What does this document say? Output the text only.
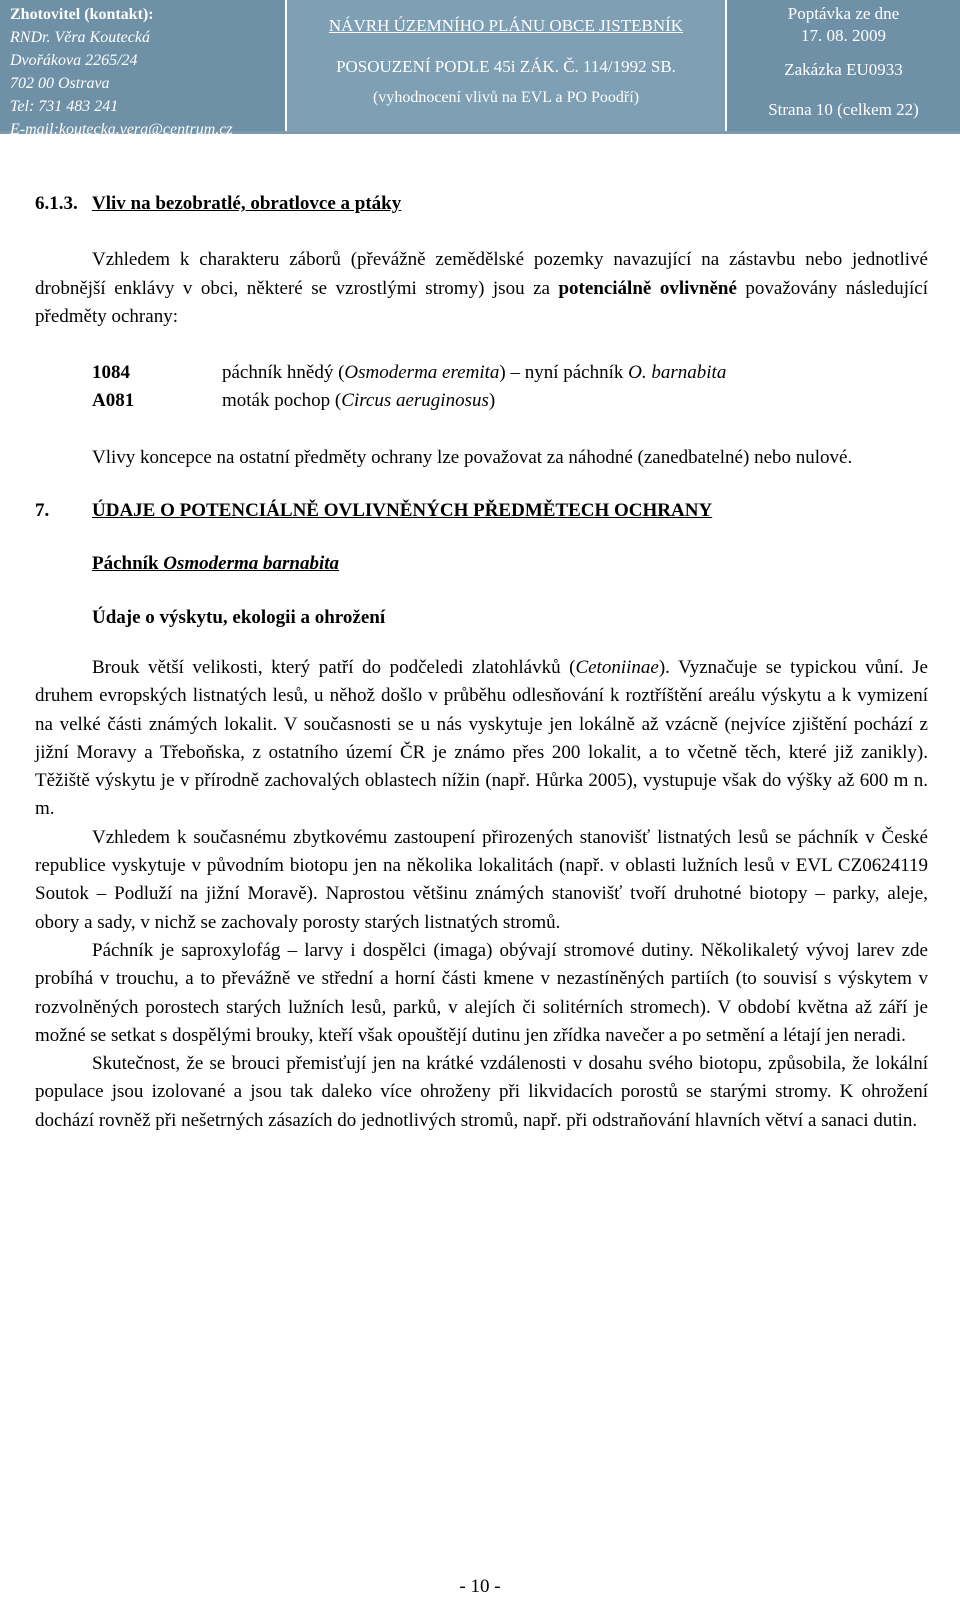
Zhotovitel (kontakt):
RNDr. Věra Koutecká
Dvořákova 2265/24
702 00 Ostrava
Tel: 731 483 241
E-mail:koutecka.vera@centrum.cz
NÁVRH ÚZEMNÍHO PLÁNU OBCE JISTEBNÍK
POSOUZENÍ PODLE 45i ZÁK. Č. 114/1992 SB.
(vyhodnocení vlivů na EVL a PO Poodří)
Poptávka ze dne
17. 08. 2009
Zakázka EU0933
Strana 10 (celkem 22)
6.1.3. Vliv na bezobratlé, obratlovce a ptáky

Vzhledem k charakteru záborů (převážně zemědělské pozemky navazující na zástavbu nebo jednotlivé drobnější enklávy v obci, některé se vzrostlými stromy) jsou za potenciálně ovlivněné považovány následující předměty ochrany:

1084	páchník hnědý (Osmoderma eremita) – nyní páchník O. barnabita
A081	moták pochop (Circus aeruginosus)

Vlivy koncepce na ostatní předměty ochrany lze považovat za náhodné (zanedbatelné) nebo nulové.

7.	ÚDAJE O POTENCIÁLNĚ OVLIVNĚNÝCH PŘEDMĚTECH OCHRANY
Páchník Osmoderma barnabita
Údaje o výskytu, ekologii a ohrožení

Brouk větší velikosti, který patří do podčeledi zlatohlávků (Cetoniinae). Vyznačuje se typickou vůní. Je druhem evropských listnatých lesů, u něhož došlo v průběhu odlesňování k roztříštění areálu výskytu a k vymizení na velké části známých lokalit. V současnosti se u nás vyskytuje jen lokálně až vzácně (nejvíce zjištění pochází z jižní Moravy a Třeboňska, z ostatního území ČR je známo přes 200 lokalit, a to včetně těch, které již zanikly). Těžiště výskytu je v přírodně zachovalých oblastech nížin (např. Hůrka 2005), vystupuje však do výšky až 600 m n. m.

Vzhledem k současnému zbytkovému zastoupení přirozených stanovišť listnatých lesů se páchník v České republice vyskytuje v původním biotopu jen na několika lokalitách (např. v oblasti lužních lesů v EVL CZ0624119 Soutok – Podluží na jižní Moravě). Naprostou většinu známých stanovišť tvoří druhotné biotopy – parky, aleje, obory a sady, v nichž se zachovaly porosty starých listnatých stromů.

Páchník je saproxylofág – larvy i dospělci (imaga) obývají stromové dutiny. Několikaletý vývoj larev zde probíhá v trouchu, a to převážně ve střední a horní části kmene v nezastíněných partiích (to souvisí s výskytem v rozvolněných porostech starých lužních lesů, parků, v alejích či solitérních stromech). V období května až září je možné se setkat s dospělými brouky, kteří však opouštějí dutinu jen zřídka navečer a po setmění a létají jen neradi.

Skutečnost, že se brouci přemisťují jen na krátké vzdálenosti v dosahu svého biotopu, způsobila, že lokální populace jsou izolované a jsou tak daleko více ohroženy při likvidacích porostů se starými stromy. K ohrožení dochází rovněž při nešetrných zásazích do jednotlivých stromů, např. při odstraňování hlavních větví a sanaci dutin.

- 10 -
